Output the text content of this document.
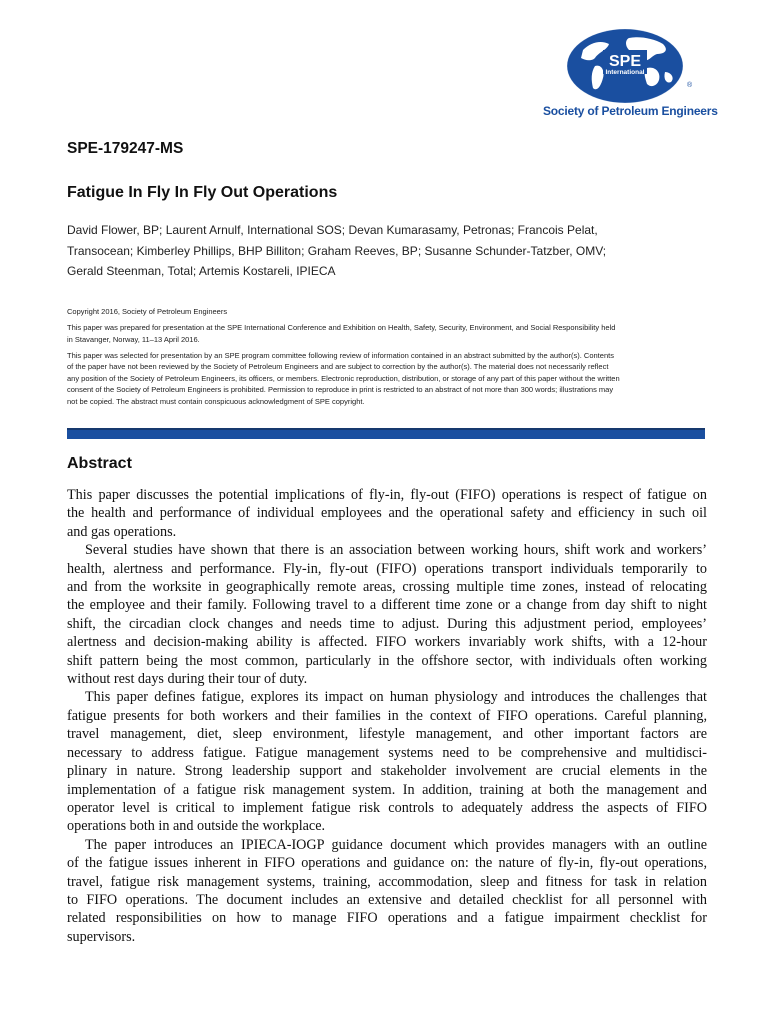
SPE
International
®
Society of Petroleum Engineers
SPE-179247-MS
Fatigue In Fly In Fly Out Operations
David Flower, BP; Laurent Arnulf, International SOS; Devan Kumarasamy, Petronas; Francois Pelat,
Transocean; Kimberley Phillips, BHP Billiton; Graham Reeves, BP; Susanne Schunder-Tatzber, OMV;
Gerald Steenman, Total; Artemis Kostareli, IPIECA

Copyright 2016, Society of Petroleum Engineers

This paper was prepared for presentation at the SPE International Conference and Exhibition on Health, Safety, Security, Environment, and Social Responsibility held
in Stavanger, Norway, 11–13 April 2016.

This paper was selected for presentation by an SPE program committee following review of information contained in an abstract submitted by the author(s). Contents
of the paper have not been reviewed by the Society of Petroleum Engineers and are subject to correction by the author(s). The material does not necessarily reflect
any position of the Society of Petroleum Engineers, its officers, or members. Electronic reproduction, distribution, or storage of any part of this paper without the written
consent of the Society of Petroleum Engineers is prohibited. Permission to reproduce in print is restricted to an abstract of not more than 300 words; illustrations may
not be copied. The abstract must contain conspicuous acknowledgment of SPE copyright.

Abstract

This paper discusses the potential implications of fly-in, fly-out (FIFO) operations is respect of fatigue on
the health and performance of individual employees and the operational safety and efficiency in such oil
and gas operations.

Several studies have shown that there is an association between working hours, shift work and workers’
health, alertness and performance. Fly-in, fly-out (FIFO) operations transport individuals temporarily to
and from the worksite in geographically remote areas, crossing multiple time zones, instead of relocating
the employee and their family. Following travel to a different time zone or a change from day shift to night
shift, the circadian clock changes and needs time to adjust. During this adjustment period, employees’
alertness and decision-making ability is affected. FIFO workers invariably work shifts, with a 12-hour
shift pattern being the most common, particularly in the offshore sector, with individuals often working
without rest days during their tour of duty.

This paper defines fatigue, explores its impact on human physiology and introduces the challenges that
fatigue presents for both workers and their families in the context of FIFO operations. Careful planning,
travel management, diet, sleep environment, lifestyle management, and other important factors are
necessary to address fatigue. Fatigue management systems need to be comprehensive and multidisci-
plinary in nature. Strong leadership support and stakeholder involvement are crucial elements in the
implementation of a fatigue risk management system. In addition, training at both the management and
operator level is critical to implement fatigue risk controls to adequately address the aspects of FIFO
operations both in and outside the workplace.

The paper introduces an IPIECA-IOGP guidance document which provides managers with an outline
of the fatigue issues inherent in FIFO operations and guidance on: the nature of fly-in, fly-out operations,
travel, fatigue risk management systems, training, accommodation, sleep and fitness for task in relation
to FIFO operations. The document includes an extensive and detailed checklist for all personnel with
related responsibilities on how to manage FIFO operations and a fatigue impairment checklist for
supervisors.
